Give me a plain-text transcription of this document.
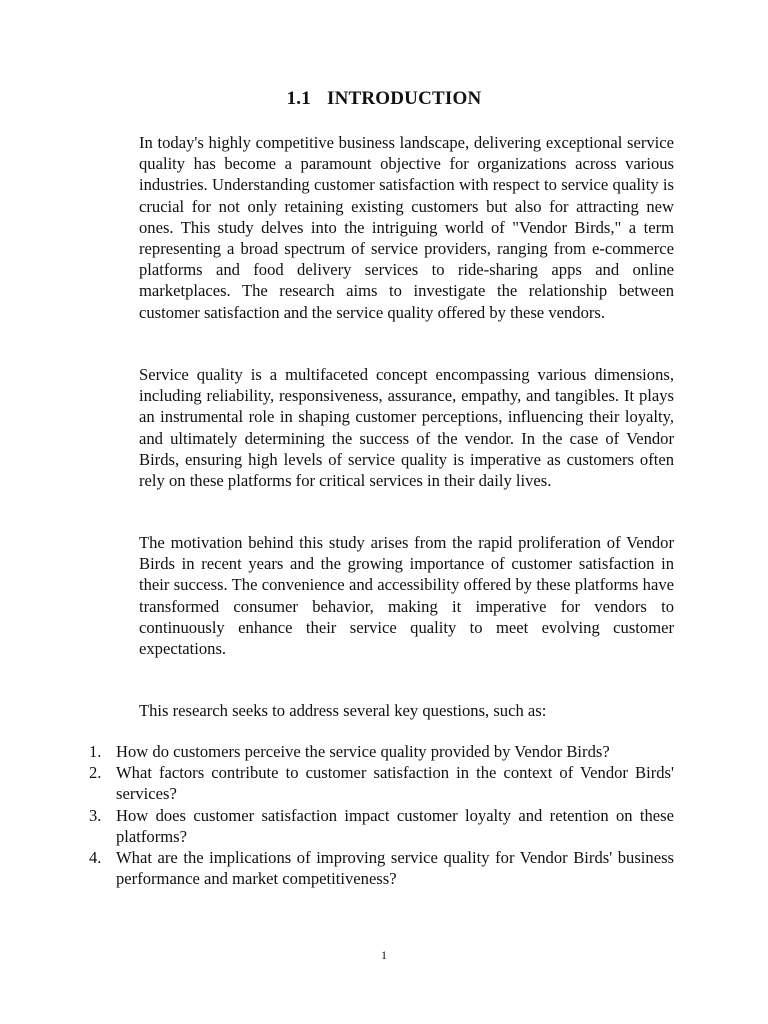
1.1 INTRODUCTION

In today's highly competitive business landscape, delivering exceptional service quality has become a paramount objective for organizations across various industries. Understanding customer satisfaction with respect to service quality is crucial for not only retaining existing customers but also for attracting new ones. This study delves into the intriguing world of "Vendor Birds," a term representing a broad spectrum of service providers, ranging from e-commerce platforms and food delivery services to ride-sharing apps and online marketplaces. The research aims to investigate the relationship between customer satisfaction and the service quality offered by these vendors.

Service quality is a multifaceted concept encompassing various dimensions, including reliability, responsiveness, assurance, empathy, and tangibles. It plays an instrumental role in shaping customer perceptions, influencing their loyalty, and ultimately determining the success of the vendor. In the case of Vendor Birds, ensuring high levels of service quality is imperative as customers often rely on these platforms for critical services in their daily lives.

The motivation behind this study arises from the rapid proliferation of Vendor Birds in recent years and the growing importance of customer satisfaction in their success. The convenience and accessibility offered by these platforms have transformed consumer behavior, making it imperative for vendors to continuously enhance their service quality to meet evolving customer expectations.

This research seeks to address several key questions, such as:

1. How do customers perceive the service quality provided by Vendor Birds?
2. What factors contribute to customer satisfaction in the context of Vendor Birds' services?
3. How does customer satisfaction impact customer loyalty and retention on these platforms?
4. What are the implications of improving service quality for Vendor Birds' business performance and market competitiveness?
1
